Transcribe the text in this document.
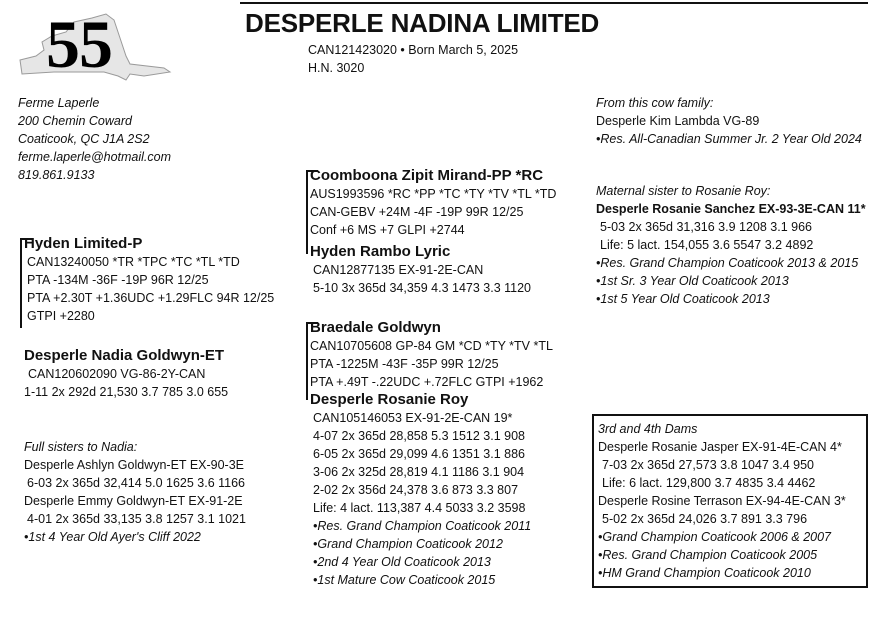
55	DESPERLE NADINA LIMITED
CAN121423020 • Born March 5, 2025
H.N. 3020
Ferme Laperle
200 Chemin Coward
Coaticook, QC J1A 2S2
ferme.laperle@hotmail.com
819.861.9133
From this cow family:
Desperle Kim Lambda VG-89
•Res. All-Canadian Summer Jr. 2 Year Old 2024
Maternal sister to Rosanie Roy:
Desperle Rosanie Sanchez EX-93-3E-CAN 11*
5-03 2x 365d 31,316 3.9 1208 3.1 966
Life: 5 lact. 154,055 3.6 5547 3.2 4892
•Res. Grand Champion Coaticook 2013 & 2015
•1st Sr. 3 Year Old Coaticook 2013
•1st 5 Year Old Coaticook 2013
Coomboona Zipit Mirand-PP *RC
AUS1993596 *RC *PP *TC *TY *TV *TL *TD
CAN-GEBV +24M -4F -19P 99R 12/25
Conf +6 MS +7 GLPI +2744
Hyden Rambo Lyric
CAN12877135 EX-91-2E-CAN
5-10 3x 365d 34,359 4.3 1473 3.3 1120
Hyden Limited-P
CAN13240050 *TR *TPC *TC *TL *TD
PTA -134M -36F -19P 96R 12/25
PTA +2.30T +1.36UDC +1.29FLC 94R 12/25
GTPI +2280
Desperle Nadia Goldwyn-ET
CAN120602090 VG-86-2Y-CAN
1-11 2x 292d 21,530 3.7 785 3.0 655
Braedale Goldwyn
CAN10705608 GP-84 GM *CD *TY *TV *TL
PTA -1225M -43F -35P 99R 12/25
PTA +.49T -.22UDC +.72FLC GTPI +1962
Desperle Rosanie Roy
CAN105146053 EX-91-2E-CAN 19*
4-07 2x 365d 28,858 5.3 1512 3.1 908
6-05 2x 365d 29,099 4.6 1351 3.1 886
3-06 2x 325d 28,819 4.1 1186 3.1 904
2-02 2x 356d 24,378 3.6 873 3.3 807
Life: 4 lact. 113,387 4.4 5033 3.2 3598
•Res. Grand Champion Coaticook 2011
•Grand Champion Coaticook 2012
•2nd 4 Year Old Coaticook 2013
•1st Mature Cow Coaticook 2015
Full sisters to Nadia:
Desperle Ashlyn Goldwyn-ET EX-90-3E
6-03 2x 365d 32,414 5.0 1625 3.6 1166
Desperle Emmy Goldwyn-ET EX-91-2E
4-01 2x 365d 33,135 3.8 1257 3.1 1021
•1st 4 Year Old Ayer's Cliff 2022
3rd and 4th Dams
Desperle Rosanie Jasper EX-91-4E-CAN 4*
7-03 2x 365d 27,573 3.8 1047 3.4 950
Life: 6 lact. 129,800 3.7 4835 3.4 4462
Desperle Rosine Terrason EX-94-4E-CAN 3*
5-02 2x 365d 24,026 3.7 891 3.3 796
•Grand Champion Coaticook 2006 & 2007
•Res. Grand Champion Coaticook 2005
•HM Grand Champion Coaticook 2010
